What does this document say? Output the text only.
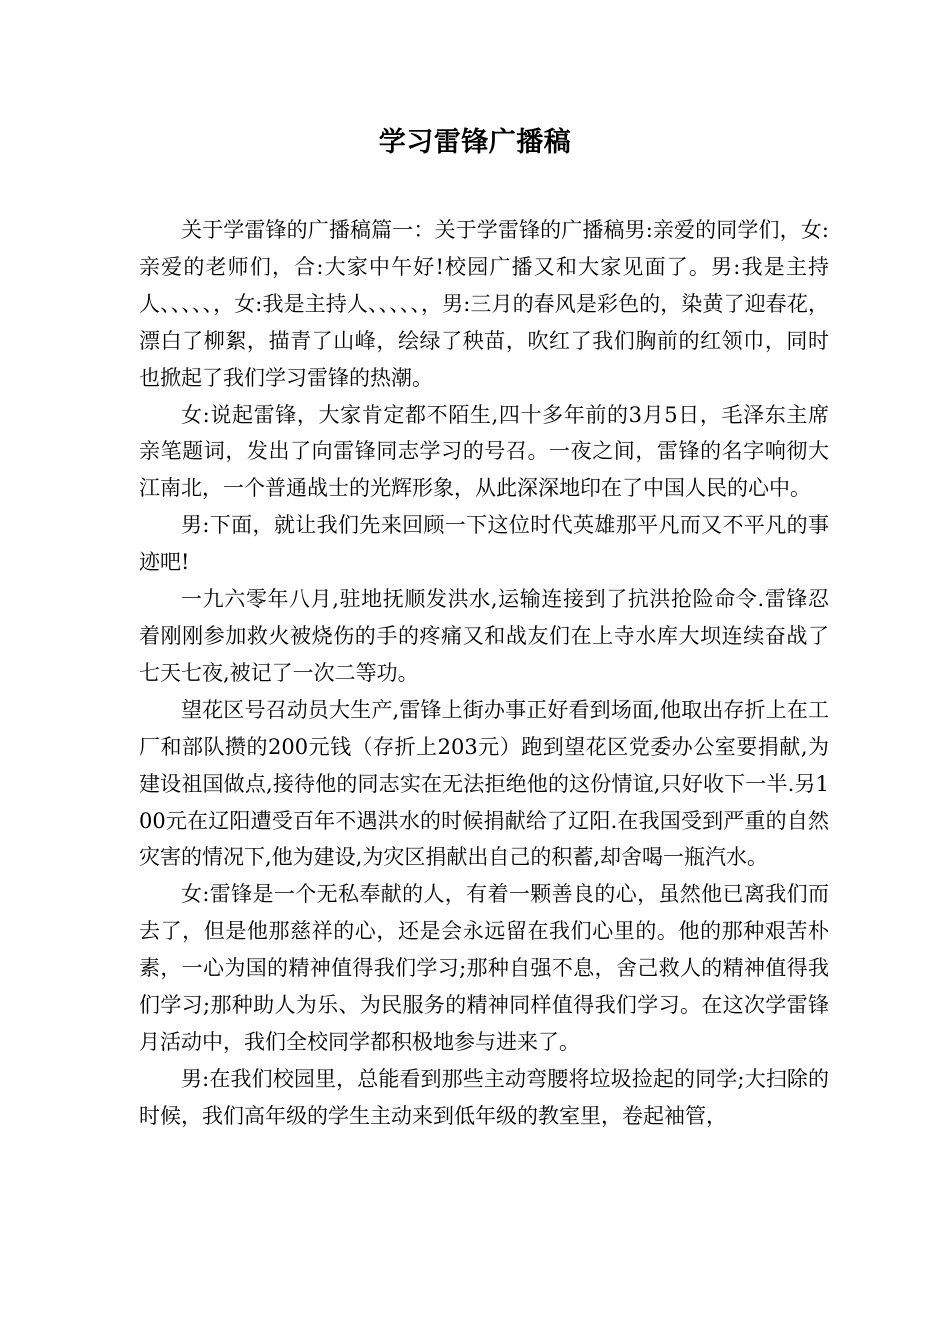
学习雷锋广播稿

关于学雷锋的广播稿篇一：关于学雷锋的广播稿男:亲爱的同学们，女:亲爱的老师们，合:大家中午好!校园广播又和大家见面了。男:我是主持人、、、、、，女:我是主持人、、、、、，男:三月的春风是彩色的，染黄了迎春花，漂白了柳絮，描青了山峰，绘绿了秧苗，吹红了我们胸前的红领巾，同时也掀起了我们学习雷锋的热潮。

女:说起雷锋，大家肯定都不陌生,四十多年前的3月5日，毛泽东主席亲笔题词，发出了向雷锋同志学习的号召。一夜之间，雷锋的名字响彻大江南北，一个普通战士的光辉形象，从此深深地印在了中国人民的心中。

男:下面，就让我们先来回顾一下这位时代英雄那平凡而又不平凡的事迹吧!

一九六零年八月,驻地抚顺发洪水,运输连接到了抗洪抢险命令.雷锋忍着刚刚参加救火被烧伤的手的疼痛又和战友们在上寺水库大坝连续奋战了七天七夜,被记了一次二等功。

望花区号召动员大生产,雷锋上街办事正好看到场面,他取出存折上在工厂和部队攒的200元钱（存折上203元）跑到望花区党委办公室要捐献,为建设祖国做点,接待他的同志实在无法拒绝他的这份情谊,只好收下一半.另100元在辽阳遭受百年不遇洪水的时候捐献给了辽阳.在我国受到严重的自然灾害的情况下,他为建设,为灾区捐献出自己的积蓄,却舍喝一瓶汽水。

女:雷锋是一个无私奉献的人，有着一颗善良的心，虽然他已离我们而去了，但是他那慈祥的心，还是会永远留在我们心里的。他的那种艰苦朴素，一心为国的精神值得我们学习;那种自强不息，舍己救人的精神值得我们学习;那种助人为乐、为民服务的精神同样值得我们学习。在这次学雷锋月活动中，我们全校同学都积极地参与进来了。

男:在我们校园里，总能看到那些主动弯腰将垃圾捡起的同学;大扫除的时候，我们高年级的学生主动来到低年级的教室里，卷起袖管，
